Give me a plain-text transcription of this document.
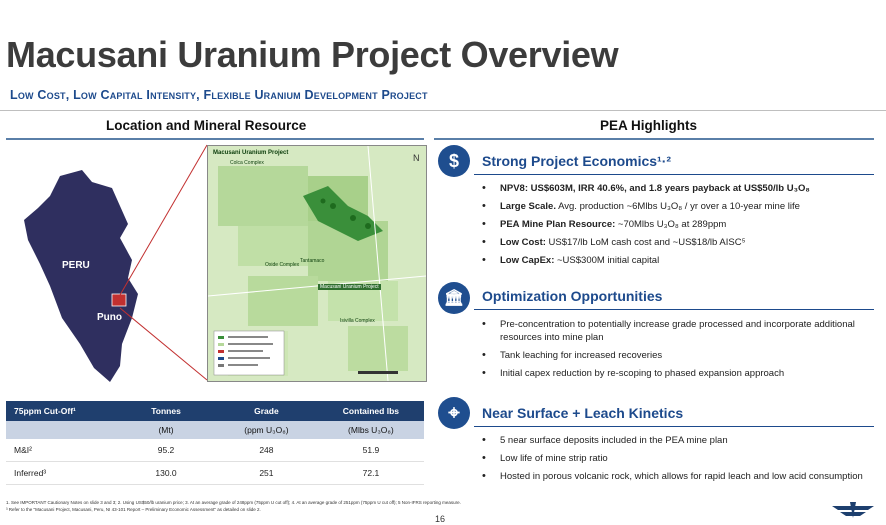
Macusani Uranium Project Overview
Low Cost, Low Capital Intensity, Flexible Uranium Development Project
Location and Mineral Resource
PERU
Puno
N
Macusani Uranium Project
Colca Complex
Macusani Uranium Project
Isivilla Complex
Oxide Complex
Tantamaco
75ppm Cut-Off¹	Tonnes	Grade	Contained lbs
	(Mt)	(ppm U₃O₈)	(Mlbs U₃O₈)
M&I²	95.2	248	51.9
Inferred³	130.0	251	72.1
PEA Highlights
$	Strong Project Economics¹·²
• NPV8: US$603M, IRR 40.6%, and 1.8 years payback at US$50/lb U₃O₈
• Large Scale. Avg. production ~6Mlbs U₃O₈ / yr over a 10-year mine life
• PEA Mine Plan Resource: ~70Mlbs U₃O₈ at 289ppm
• Low Cost: US$17/lb LoM cash cost and ~US$18/lb AISC⁵
• Low CapEx: ~US$300M initial capital
🏛	Optimization Opportunities
• Pre-concentration to potentially increase grade processed and incorporate additional resources into mine plan
• Tank leaching for increased recoveries
• Initial capex reduction by re-scoping to phased expansion approach
⌖	Near Surface + Leach Kinetics
• 5 near surface deposits included in the PEA mine plan
• Low life of mine strip ratio
• Hosted in porous volcanic rock, which allows for rapid leach and low acid consumption
1. See IMPORTANT Cautionary Notes on slide 3 and 3; 2. Using US$50/lb uranium price; 3. At an average grade of 248ppm (75ppm U cut off); 4. At an average grade of 251ppm (75ppm U cut off); 5 Non-IFRS reporting measure.
³ Refer to the "Macusani Project, Macusani, Peru, NI 43-101 Report – Preliminary Economic Assessment" as detailed on slide 2.
16
